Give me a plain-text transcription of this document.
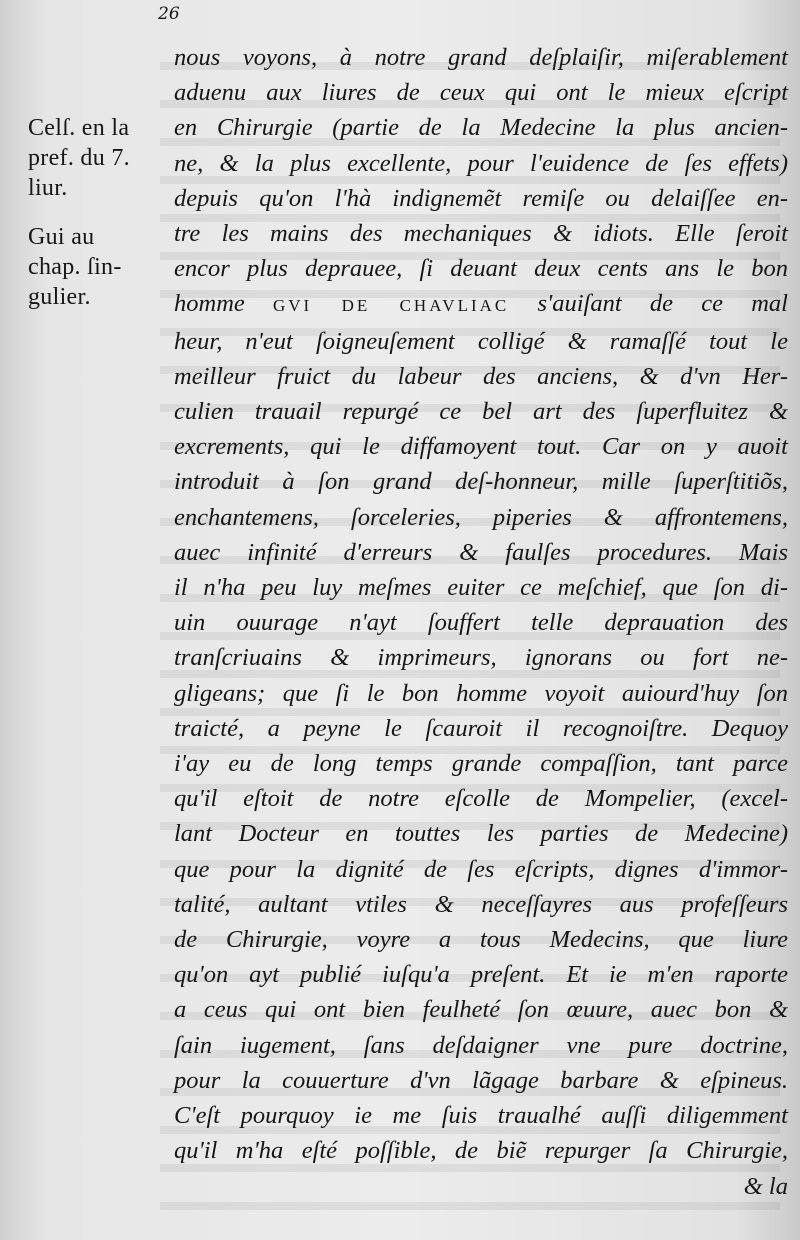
26
Celſ. en la
pref. du 7.
liur.
Gui au
chap. ſin-
gulier.
nous voyons, à notre grand deſplaiſir, miſerablement
aduenu aux liures de ceux qui ont le mieux eſcript
en Chirurgie (partie de la Medecine la plus ancien-
ne, & la plus excellente, pour l'euidence de ſes effets)
depuis qu'on l'hà indignemẽt remiſe ou delaiſſee en-
tre les mains des mechaniques & idiots. Elle ſeroit
encor plus deprauee, ſi deuant deux cents ans le bon
homme GVI DE CHAVLIAC s'auiſant de ce mal
heur, n'eut ſoigneuſement colligé & ramaſſé tout le
meilleur fruict du labeur des anciens, & d'vn Her-
culien trauail repurgé ce bel art des ſuperfluitez &
excrements, qui le diffamoyent tout. Car on y auoit
introduit à ſon grand deſ-honneur, mille ſuperſtitiõs,
enchantemens, ſorceleries, piperies & affrontemens,
auec infinité d'erreurs & faulſes procedures. Mais
il n'ha peu luy meſmes euiter ce meſchief, que ſon di-
uin ouurage n'ayt ſouffert telle deprauation des
tranſcriuains & imprimeurs, ignorans ou fort ne-
gligeans; que ſi le bon homme voyoit auiourd'huy ſon
traicté, a peyne le ſcauroit il recognoiſtre. Dequoy
i'ay eu de long temps grande compaſſion, tant parce
qu'il eſtoit de notre eſcolle de Mompelier, (excel-
lant Docteur en touttes les parties de Medecine)
que pour la dignité de ſes eſcripts, dignes d'immor-
talité, aultant vtiles & neceſſayres aus profeſſeurs
de Chirurgie, voyre a tous Medecins, que liure
qu'on ayt publié iuſqu'a preſent. Et ie m'en raporte
a ceus qui ont bien feulheté ſon œuure, auec bon &
ſain iugement, ſans deſdaigner vne pure doctrine,
pour la couuerture d'vn lãgage barbare & eſpineus.
C'eſt pourquoy ie me ſuis traualhé auſſi diligemment
qu'il m'ha eſté poſſible, de biẽ repurger ſa Chirurgie,
& la
